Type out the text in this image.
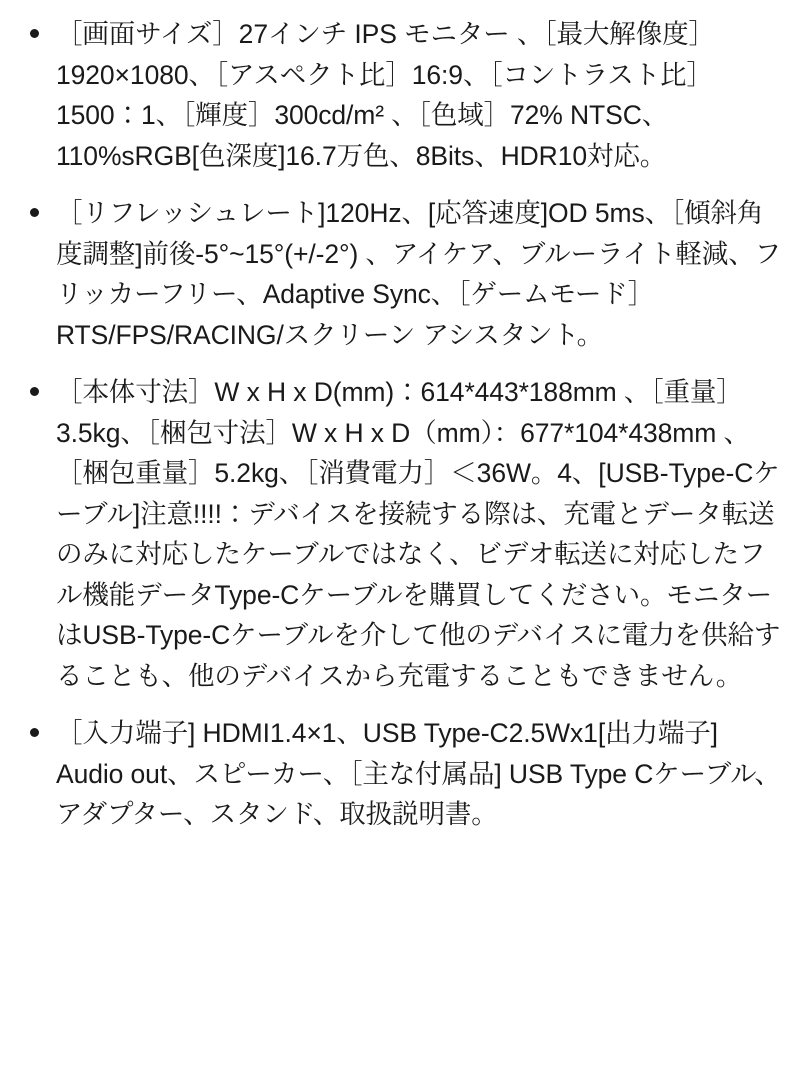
［画面サイズ］27インチ IPS モニター 、［最大解像度］1920×1080、［アスペクト比］16:9、［コントラスト比］1500：1、［輝度］300cd/m² 、［色域］72% NTSC、110%sRGB[色深度]16.7万色、8Bits、HDR10対応。
［リフレッシュレート]120Hz、[応答速度]OD 5ms、［傾斜角度調整]前後-5°~15°(+/-2°) 、アイケア、ブルーライト軽減、フリッカーフリー、Adaptive Sync、［ゲームモード］RTS/FPS/RACING/スクリーン アシスタント。
［本体寸法］W x H x D(mm)：614*443*188mm 、［重量］3.5kg、［梱包寸法］W x H x D（mm）：677*104*438mm 、［梱包重量］5.2kg、［消費電力］＜36W。4、[USB-Type-Cケーブル]注意!!!!：デバイスを接続する際は、充電とデータ転送のみに対応したケーブルではなく、ビデオ転送に対応したフル機能データType-Cケーブルを購買してください。モニターはUSB-Type-Cケーブルを介して他のデバイスに電力を供給することも、他のデバイスから充電することもできません。
［入力端子] HDMI1.4×1、USB Type-C2.5Wx1[出力端子] Audio out、スピーカー、［主な付属品] USB Type Cケーブル、アダプター、スタンド、取扱説明書。
